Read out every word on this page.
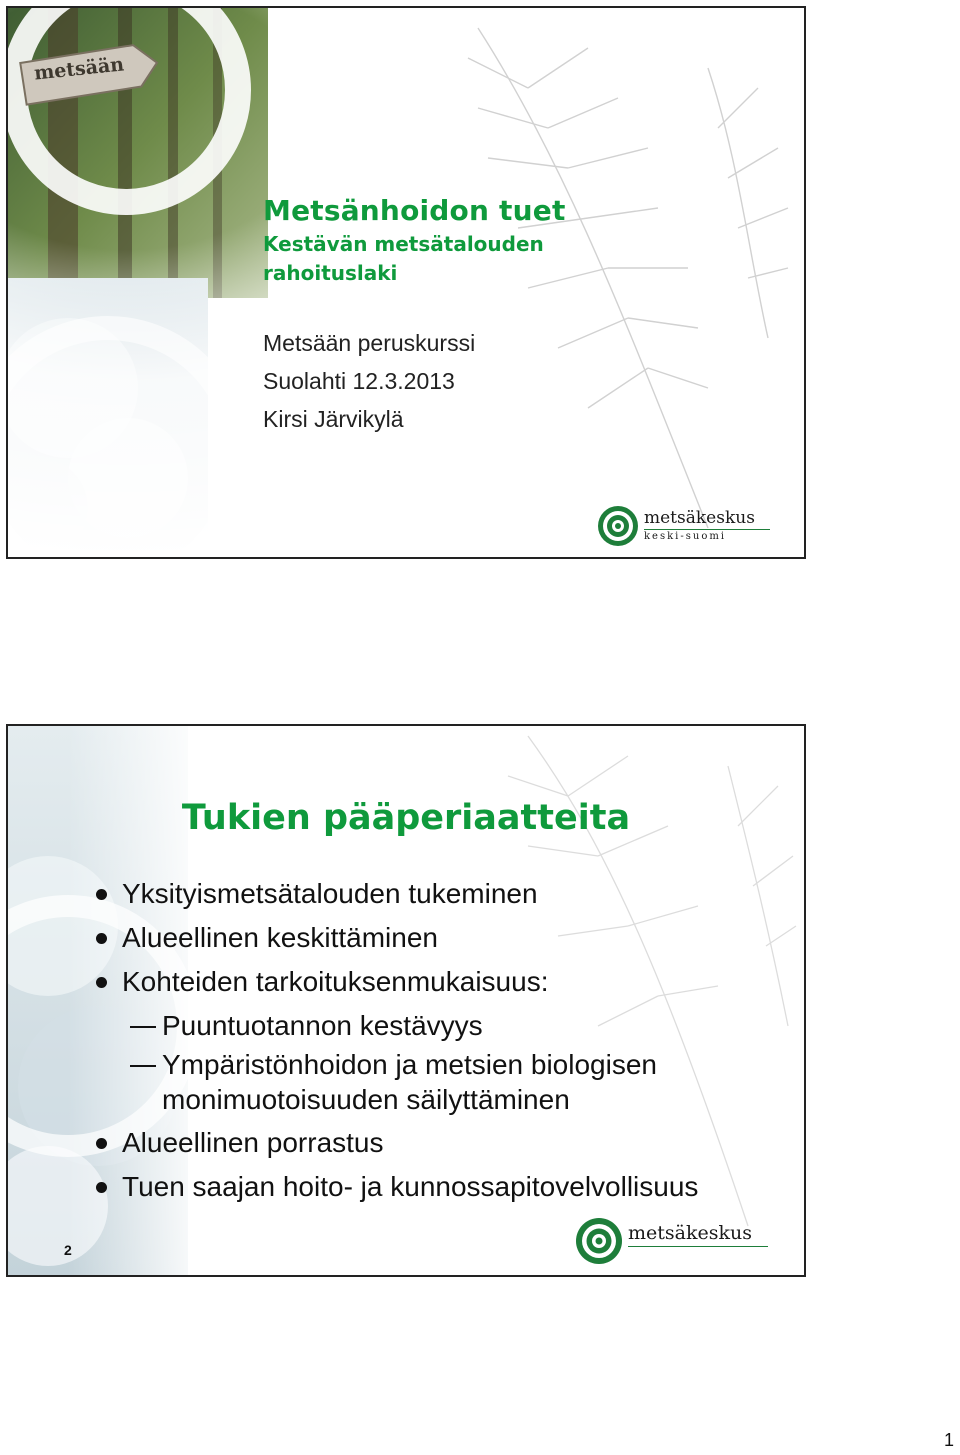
metsään
Metsänhoidon tuet
Kestävän metsätalouden rahoituslaki
Metsään peruskurssi
Suolahti 12.3.2013
Kirsi Järvikylä
metsäkeskus
keski-suomi
Tukien pääperiaatteita
Yksityismetsätalouden tukeminen
Alueellinen keskittäminen
Kohteiden tarkoituksenmukaisuus:
Puuntuotannon kestävyys
Ympäristönhoidon ja metsien biologisen
monimuotoisuuden säilyttäminen
Alueellinen porrastus
Tuen saajan hoito- ja kunnossapitovelvollisuus
2
metsäkeskus
1
